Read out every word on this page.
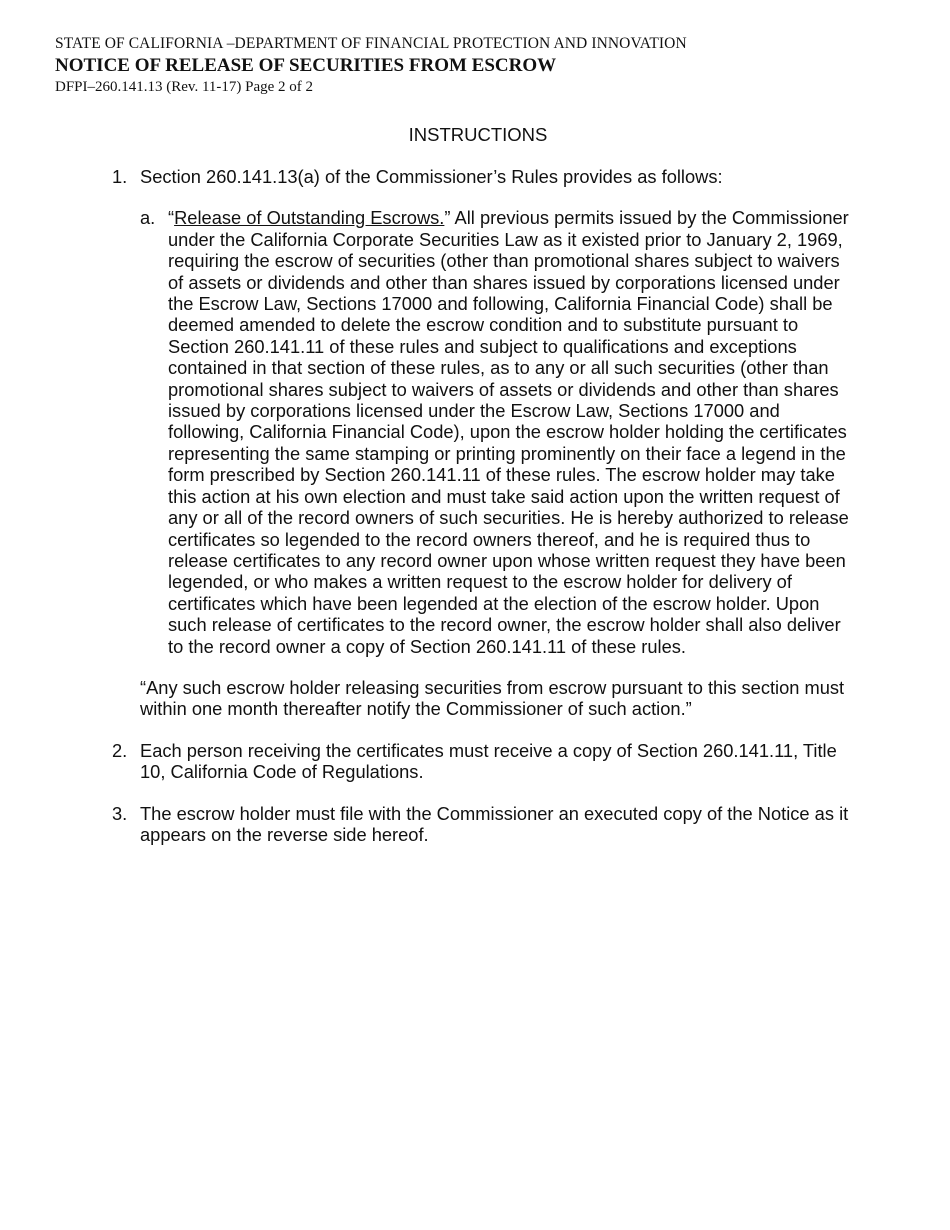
STATE OF CALIFORNIA –DEPARTMENT OF FINANCIAL PROTECTION AND INNOVATION
NOTICE OF RELEASE OF SECURITIES FROM ESCROW
DFPI–260.141.13 (Rev. 11-17) Page 2 of 2
INSTRUCTIONS
1. Section 260.141.13(a) of the Commissioner’s Rules provides as follows:

a. “Release of Outstanding Escrows.” All previous permits issued by the Commissioner under the California Corporate Securities Law as it existed prior to January 2, 1969, requiring the escrow of securities (other than promotional shares subject to waivers of assets or dividends and other than shares issued by corporations licensed under the Escrow Law, Sections 17000 and following, California Financial Code) shall be deemed amended to delete the escrow condition and to substitute pursuant to Section 260.141.11 of these rules and subject to qualifications and exceptions contained in that section of these rules, as to any or all such securities (other than promotional shares subject to waivers of assets or dividends and other than shares issued by corporations licensed under the Escrow Law, Sections 17000 and following, California Financial Code), upon the escrow holder holding the certificates representing the same stamping or printing prominently on their face a legend in the form prescribed by Section 260.141.11 of these rules. The escrow holder may take this action at his own election and must take said action upon the written request of any or all of the record owners of such securities. He is hereby authorized to release certificates so legended to the record owners thereof, and he is required thus to release certificates to any record owner upon whose written request they have been legended, or who makes a written request to the escrow holder for delivery of certificates which have been legended at the election of the escrow holder. Upon such release of certificates to the record owner, the escrow holder shall also deliver to the record owner a copy of Section 260.141.11 of these rules.

“Any such escrow holder releasing securities from escrow pursuant to this section must within one month thereafter notify the Commissioner of such action.”

2. Each person receiving the certificates must receive a copy of Section 260.141.11, Title 10, California Code of Regulations.

3. The escrow holder must file with the Commissioner an executed copy of the Notice as it appears on the reverse side hereof.
